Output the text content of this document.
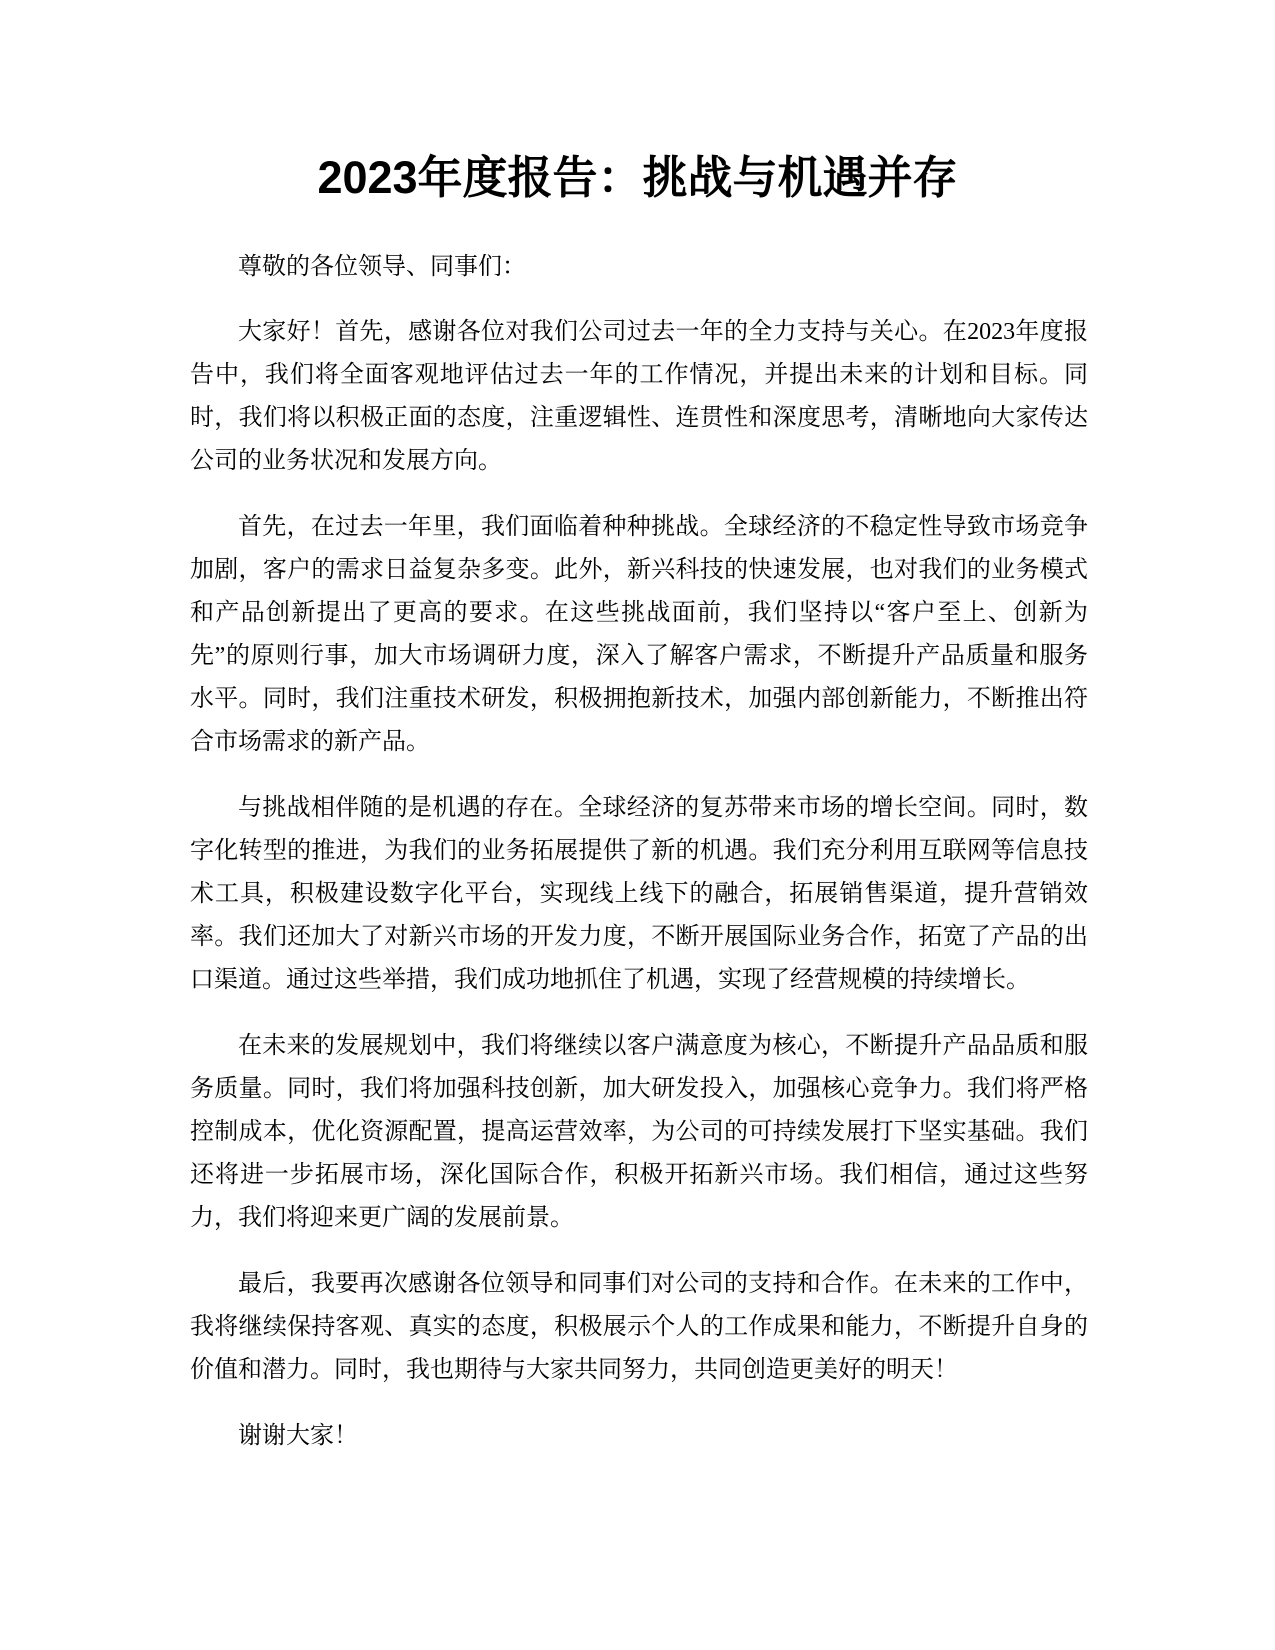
2023年度报告：挑战与机遇并存

尊敬的各位领导、同事们：

大家好！首先，感谢各位对我们公司过去一年的全力支持与关心。在2023年度报告中，我们将全面客观地评估过去一年的工作情况，并提出未来的计划和目标。同时，我们将以积极正面的态度，注重逻辑性、连贯性和深度思考，清晰地向大家传达公司的业务状况和发展方向。

首先，在过去一年里，我们面临着种种挑战。全球经济的不稳定性导致市场竞争加剧，客户的需求日益复杂多变。此外，新兴科技的快速发展，也对我们的业务模式和产品创新提出了更高的要求。在这些挑战面前，我们坚持以“客户至上、创新为先”的原则行事，加大市场调研力度，深入了解客户需求，不断提升产品质量和服务水平。同时，我们注重技术研发，积极拥抱新技术，加强内部创新能力，不断推出符合市场需求的新产品。

与挑战相伴随的是机遇的存在。全球经济的复苏带来市场的增长空间。同时，数字化转型的推进，为我们的业务拓展提供了新的机遇。我们充分利用互联网等信息技术工具，积极建设数字化平台，实现线上线下的融合，拓展销售渠道，提升营销效率。我们还加大了对新兴市场的开发力度，不断开展国际业务合作，拓宽了产品的出口渠道。通过这些举措，我们成功地抓住了机遇，实现了经营规模的持续增长。

在未来的发展规划中，我们将继续以客户满意度为核心，不断提升产品品质和服务质量。同时，我们将加强科技创新，加大研发投入，加强核心竞争力。我们将严格控制成本，优化资源配置，提高运营效率，为公司的可持续发展打下坚实基础。我们还将进一步拓展市场，深化国际合作，积极开拓新兴市场。我们相信，通过这些努力，我们将迎来更广阔的发展前景。

最后，我要再次感谢各位领导和同事们对公司的支持和合作。在未来的工作中，我将继续保持客观、真实的态度，积极展示个人的工作成果和能力，不断提升自身的价值和潜力。同时，我也期待与大家共同努力，共同创造更美好的明天！

谢谢大家！
